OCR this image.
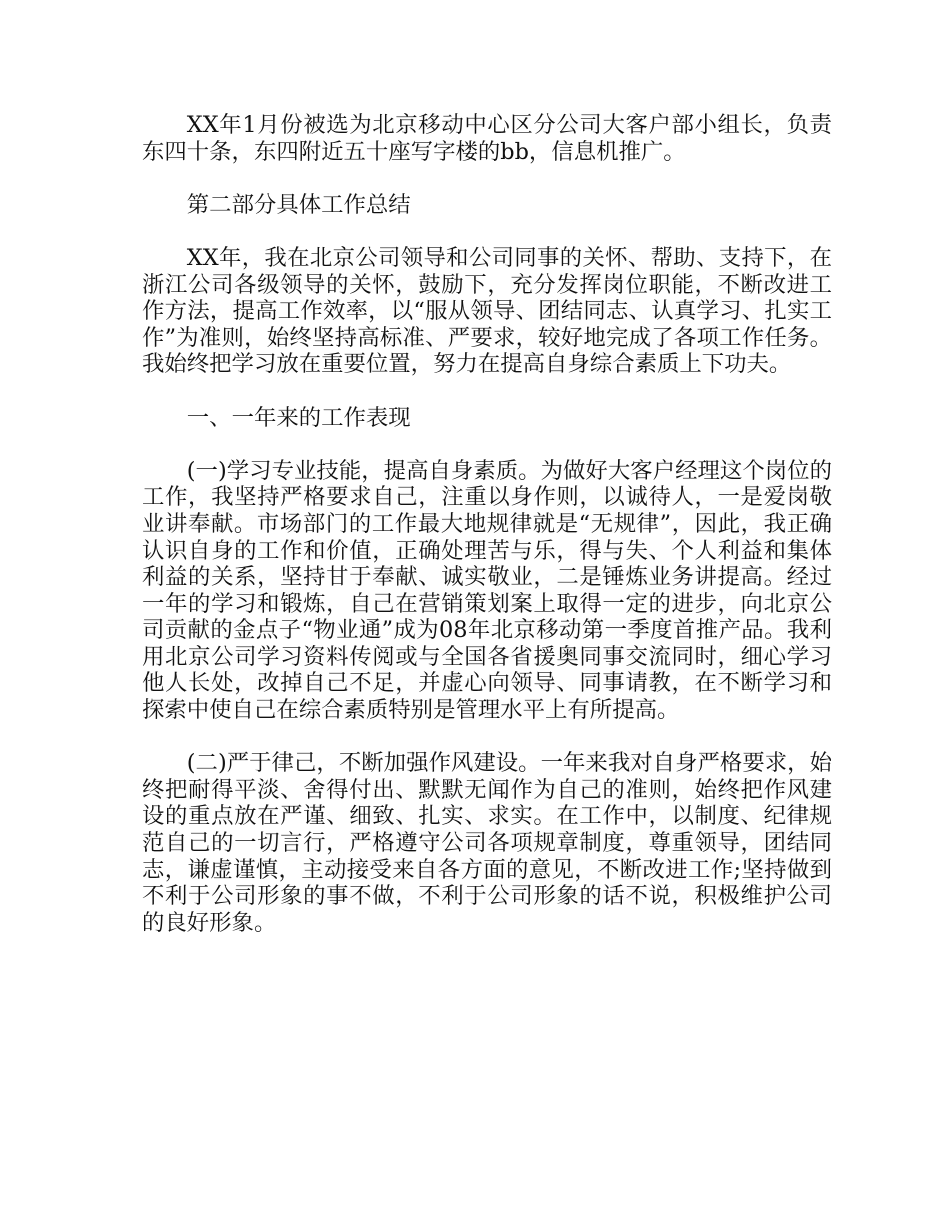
XX年1月份被选为北京移动中心区分公司大客户部小组长，负责东四十条，东四附近五十座写字楼的bb，信息机推广。

第二部分具体工作总结

XX年，我在北京公司领导和公司同事的关怀、帮助、支持下，在浙江公司各级领导的关怀，鼓励下，充分发挥岗位职能，不断改进工作方法，提高工作效率，以“服从领导、团结同志、认真学习、扎实工作”为准则，始终坚持高标准、严要求，较好地完成了各项工作任务。我始终把学习放在重要位置，努力在提高自身综合素质上下功夫。

一、一年来的工作表现

(一)学习专业技能，提高自身素质。为做好大客户经理这个岗位的工作，我坚持严格要求自己，注重以身作则，以诚待人，一是爱岗敬业讲奉献。市场部门的工作最大地规律就是“无规律”，因此，我正确认识自身的工作和价值，正确处理苦与乐，得与失、个人利益和集体利益的关系，坚持甘于奉献、诚实敬业，二是锤炼业务讲提高。经过一年的学习和锻炼，自己在营销策划案上取得一定的进步，向北京公司贡献的金点子“物业通”成为08年北京移动第一季度首推产品。我利用北京公司学习资料传阅或与全国各省援奥同事交流同时，细心学习他人长处，改掉自己不足，并虚心向领导、同事请教，在不断学习和探索中使自己在综合素质特别是管理水平上有所提高。

(二)严于律己，不断加强作风建设。一年来我对自身严格要求，始终把耐得平淡、舍得付出、默默无闻作为自己的准则，始终把作风建设的重点放在严谨、细致、扎实、求实。在工作中，以制度、纪律规范自己的一切言行，严格遵守公司各项规章制度，尊重领导，团结同志，谦虚谨慎，主动接受来自各方面的意见，不断改进工作;坚持做到不利于公司形象的事不做，不利于公司形象的话不说，积极维护公司的良好形象。
